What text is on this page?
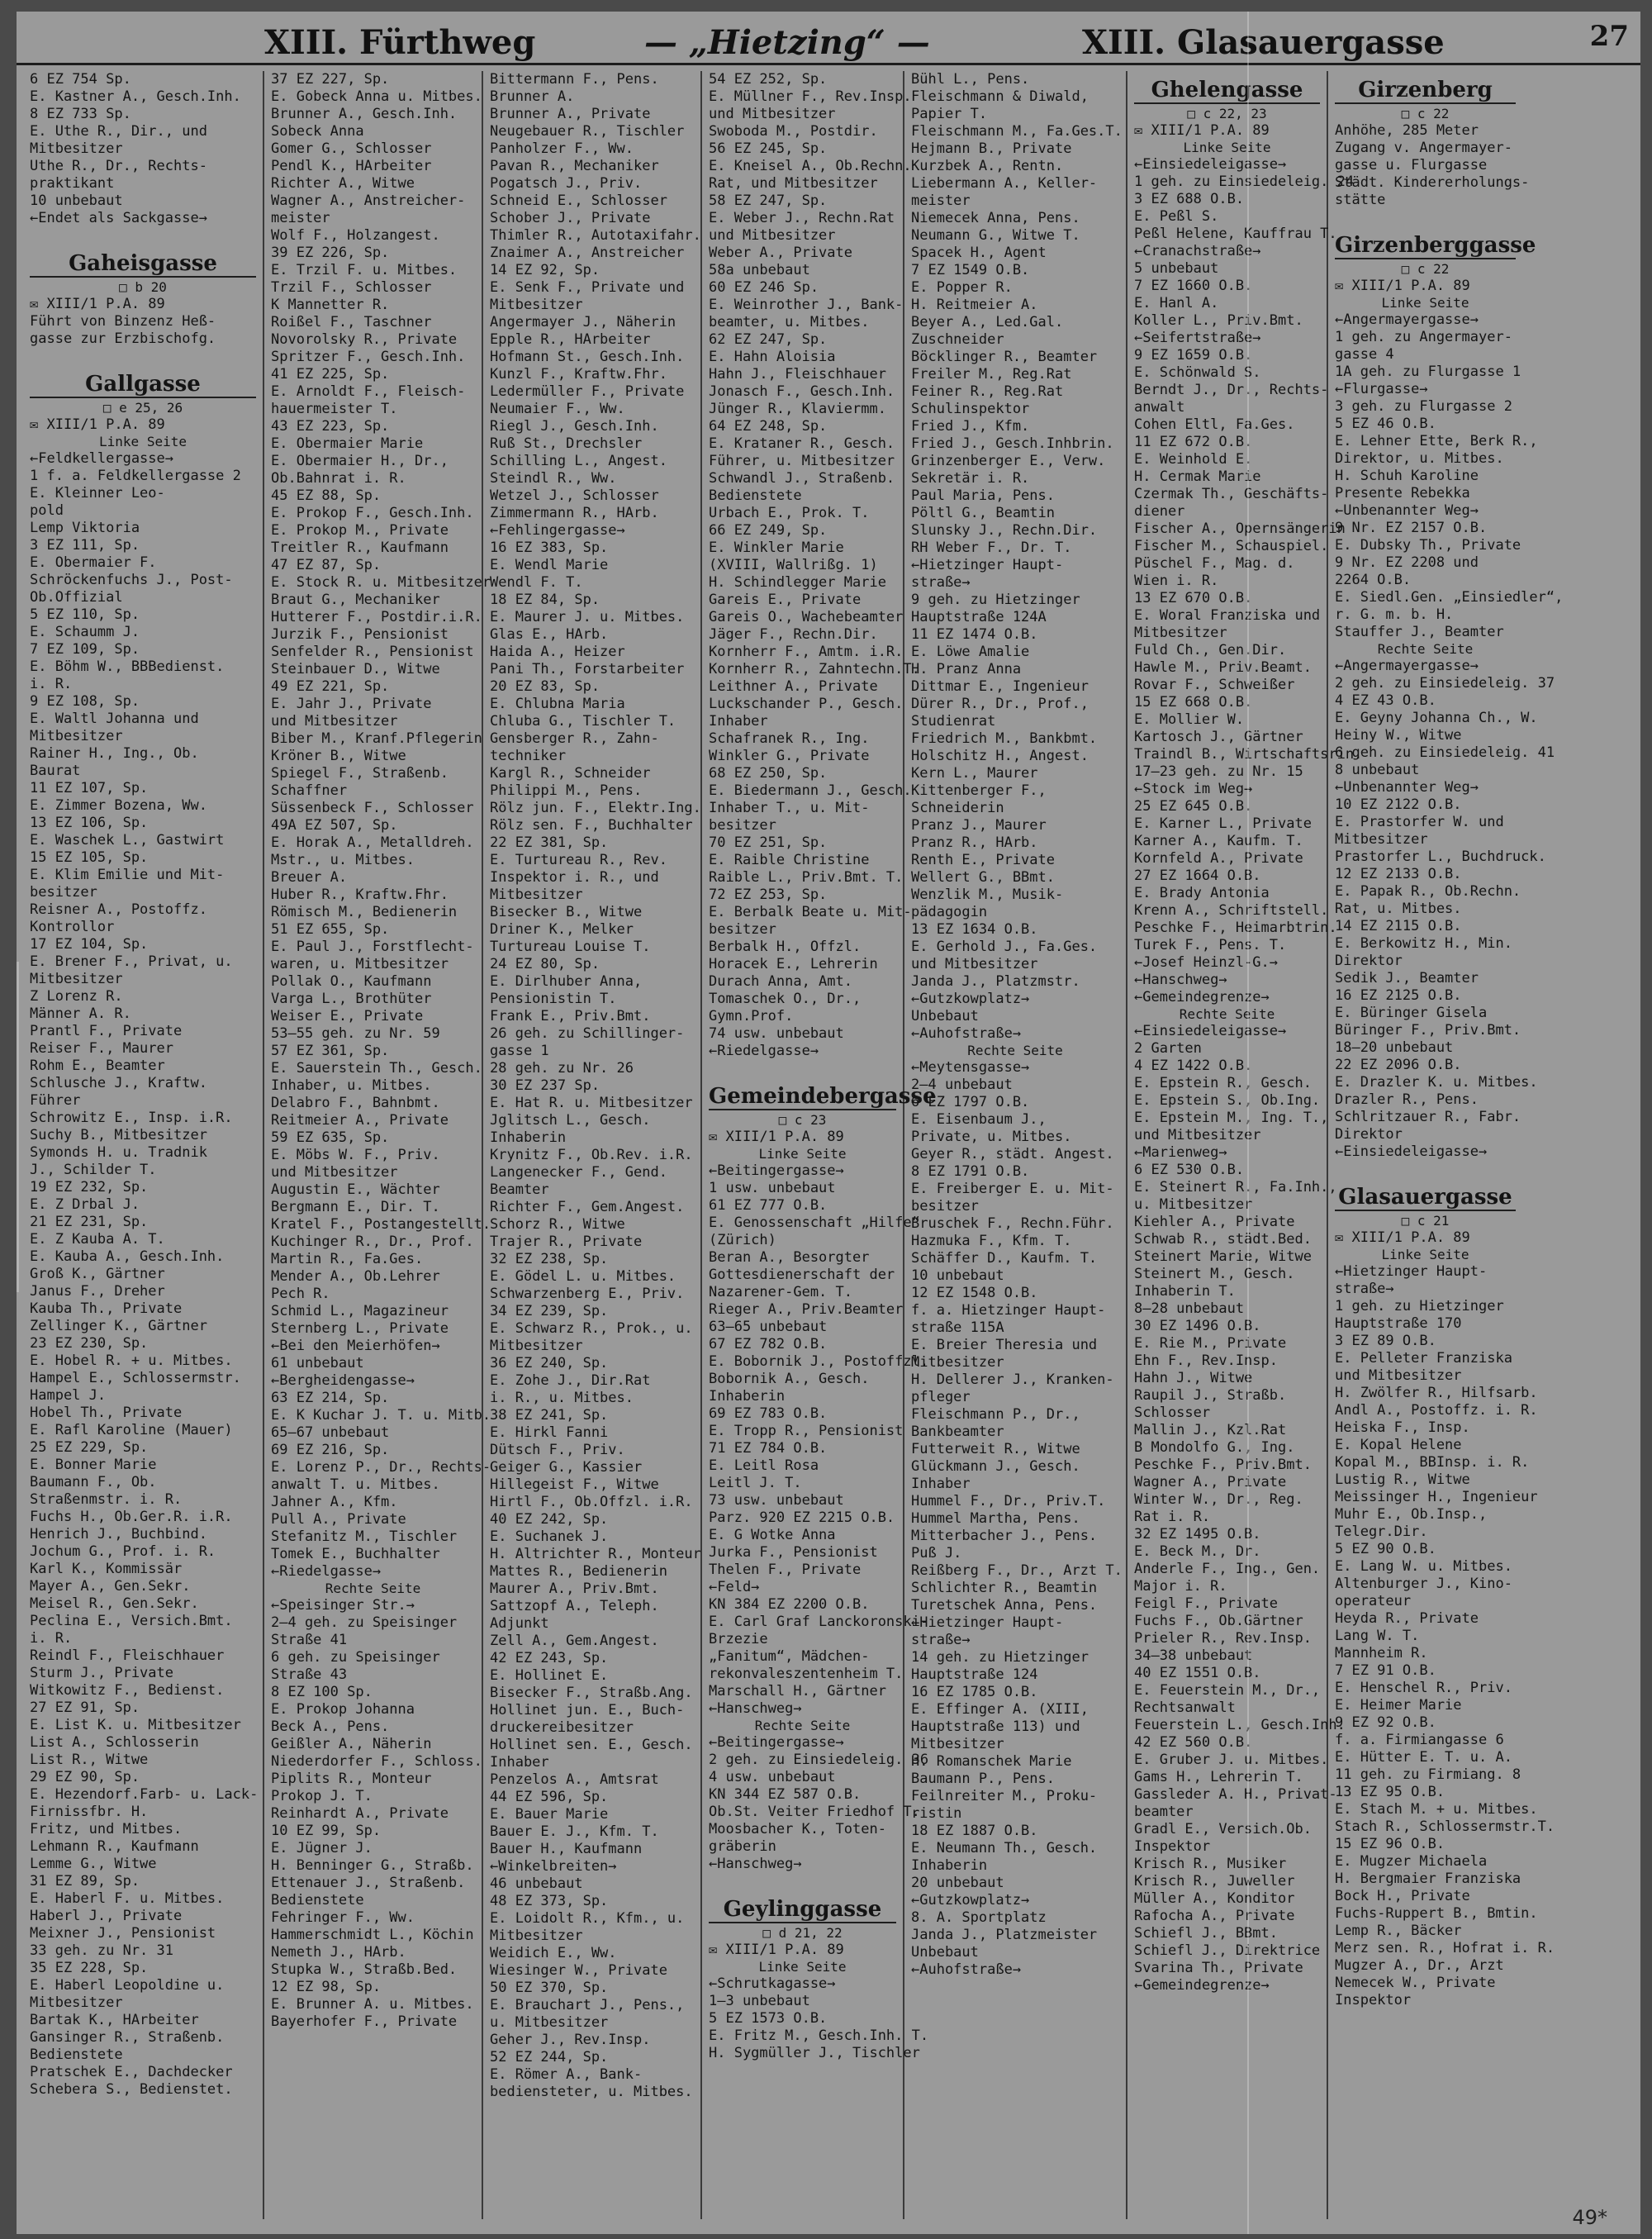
XIII. Fürthweg	— „Hietzing“ —	XIII. Glasauergasse	27
6 EZ 754 Sp.
E. Kastner A., Gesch.Inh.
8 EZ 733 Sp.
E. Uthe R., Dir., und
Mitbesitzer
Uthe R., Dr., Rechts-
praktikant
10 unbebaut
←Endet als Sackgasse→

Gaheisgasse
□ b 20
✉ XIII/1 P.A. 89
Führt von Binzenz Heß-
gasse zur Erzbischofg.

Gallgasse
□ e 25, 26
✉ XIII/1 P.A. 89
Linke Seite
←Feldkellergasse→
1 f. a. Feldkellergasse 2
E. Kleinner Leo-
pold
Lemp Viktoria
3 EZ 111, Sp.
E. Obermaier F.
Schröckenfuchs J., Post-
Ob.Offizial
5 EZ 110, Sp.
E. Schaumm J.
7 EZ 109, Sp.
E. Böhm W., BBBedienst.
i. R.
9 EZ 108, Sp.
E. Waltl Johanna und
Mitbesitzer
Rainer H., Ing., Ob.
Baurat
11 EZ 107, Sp.
E. Zimmer Bozena, Ww.
13 EZ 106, Sp.
E. Waschek L., Gastwirt
15 EZ 105, Sp.
E. Klim Emilie und Mit-
besitzer
Reisner A., Postoffz.
Kontrollor
17 EZ 104, Sp.
E. Brener F., Privat, u.
Mitbesitzer
Z Lorenz R.
Männer A. R.
Prantl F., Private
Reiser F., Maurer
Rohm E., Beamter
Schlusche J., Kraftw.
Führer
Schrowitz E., Insp. i.R.
Suchy B., Mitbesitzer
Symonds H. u. Tradnik
J., Schilder T.
19 EZ 232, Sp.
E. Z Drbal J.
21 EZ 231, Sp.
E. Z Kauba A. T.
E. Kauba A., Gesch.Inh.
Groß K., Gärtner
Janus F., Dreher
Kauba Th., Private
Zellinger K., Gärtner
23 EZ 230, Sp.
E. Hobel R. + u. Mitbes.
Hampel E., Schlossermstr.
Hampel J.
Hobel Th., Private
E. Rafl Karoline (Mauer)
25 EZ 229, Sp.
E. Bonner Marie
Baumann F., Ob.
Straßenmstr. i. R.
Fuchs H., Ob.Ger.R. i.R.
Henrich J., Buchbind.
Jochum G., Prof. i. R.
Karl K., Kommissär
Mayer A., Gen.Sekr.
Meisel R., Gen.Sekr.
Peclina E., Versich.Bmt.
i. R.
Reindl F., Fleischhauer
Sturm J., Private
Witkowitz F., Bedienst.
27 EZ 91, Sp.
E. List K. u. Mitbesitzer
List A., Schlosserin
List R., Witwe
29 EZ 90, Sp.
E. Hezendorf.Farb- u. Lack-
Firnissfbr. H.
Fritz, und Mitbes.
Lehmann R., Kaufmann
Lemme G., Witwe
31 EZ 89, Sp.
E. Haberl F. u. Mitbes.
Haberl J., Private
Meixner J., Pensionist
33 geh. zu Nr. 31
35 EZ 228, Sp.
E. Haberl Leopoldine u.
Mitbesitzer
Bartak K., HArbeiter
Gansinger R., Straßenb.
Bedienstete
Pratschek E., Dachdecker
Schebera S., Bedienstet.
37 EZ 227, Sp.
E. Gobeck Anna u. Mitbes.
Brunner A., Gesch.Inh.
Sobeck Anna
Gomer G., Schlosser
Pendl K., HArbeiter
Richter A., Witwe
Wagner A., Anstreicher-
meister
Wolf F., Holzangest.
39 EZ 226, Sp.
E. Trzil F. u. Mitbes.
Trzil F., Schlosser
K Mannetter R.
Roißel F., Taschner
Novorolsky R., Private
Spritzer F., Gesch.Inh.
41 EZ 225, Sp.
E. Arnoldt F., Fleisch-
hauermeister T.
43 EZ 223, Sp.
E. Obermaier Marie
E. Obermaier H., Dr.,
Ob.Bahnrat i. R.
45 EZ 88, Sp.
E. Prokop F., Gesch.Inh.
E. Prokop M., Private
Treitler R., Kaufmann
47 EZ 87, Sp.
E. Stock R. u. Mitbesitzer
Braut G., Mechaniker
Hutterer F., Postdir.i.R.
Jurzik F., Pensionist
Senfelder R., Pensionist
Steinbauer D., Witwe
49 EZ 221, Sp.
E. Jahr J., Private
und Mitbesitzer
Biber M., Kranf.Pflegerin
Kröner B., Witwe
Spiegel F., Straßenb.
Schaffner
Süssenbeck F., Schlosser
49A EZ 507, Sp.
E. Horak A., Metalldreh.
Mstr., u. Mitbes.
Breuer A.
Huber R., Kraftw.Fhr.
Römisch M., Bedienerin
51 EZ 655, Sp.
E. Paul J., Forstflecht-
waren, u. Mitbesitzer
Pollak O., Kaufmann
Varga L., Brothüter
Weiser E., Private
53—55 geh. zu Nr. 59
57 EZ 361, Sp.
E. Sauerstein Th., Gesch.
Inhaber, u. Mitbes.
Delabro F., Bahnbmt.
Reitmeier A., Private
59 EZ 635, Sp.
E. Möbs W. F., Priv.
und Mitbesitzer
Augustin E., Wächter
Bergmann E., Dir. T.
Kratel F., Postangestellt.
Kuchinger R., Dr., Prof.
Martin R., Fa.Ges.
Mender A., Ob.Lehrer
Pech R.
Schmid L., Magazineur
Sternberg L., Private
←Bei den Meierhöfen→
61 unbebaut
←Bergheidengasse→
63 EZ 214, Sp.
E. K Kuchar J. T. u. Mitb.
65—67 unbebaut
69 EZ 216, Sp.
E. Lorenz P., Dr., Rechts-
anwalt T. u. Mitbes.
Jahner A., Kfm.
Pull A., Private
Stefanitz M., Tischler
Tomek E., Buchhalter
←Riedelgasse→
Rechte Seite
←Speisinger Str.→
2—4 geh. zu Speisinger
Straße 41
6 geh. zu Speisinger
Straße 43
8 EZ 100 Sp.
E. Prokop Johanna
Beck A., Pens.
Geißler A., Näherin
Niederdorfer F., Schloss.
Piplits R., Monteur
Prokop J. T.
Reinhardt A., Private
10 EZ 99, Sp.
E. Jügner J.
H. Benninger G., Straßb.
Ettenauer J., Straßenb.
Bedienstete
Fehringer F., Ww.
Hammerschmidt L., Köchin
Nemeth J., HArb.
Stupka W., Straßb.Bed.
12 EZ 98, Sp.
E. Brunner A. u. Mitbes.
Bayerhofer F., Private
Bittermann F., Pens.
Brunner A.
Brunner A., Private
Neugebauer R., Tischler
Panholzer F., Ww.
Pavan R., Mechaniker
Pogatsch J., Priv.
Schneid E., Schlosser
Schober J., Private
Thimler R., Autotaxifahr.
Znaimer A., Anstreicher
14 EZ 92, Sp.
E. Senk F., Private und
Mitbesitzer
Angermayer J., Näherin
Epple R., HArbeiter
Hofmann St., Gesch.Inh.
Kunzl F., Kraftw.Fhr.
Ledermüller F., Private
Neumaier F., Ww.
Riegl J., Gesch.Inh.
Ruß St., Drechsler
Schilling L., Angest.
Steindl R., Ww.
Wetzel J., Schlosser
Zimmermann R., HArb.
←Fehlingergasse→
16 EZ 383, Sp.
E. Wendl Marie
Wendl F. T.
18 EZ 84, Sp.
E. Maurer J. u. Mitbes.
Glas E., HArb.
Haida A., Heizer
Pani Th., Forstarbeiter
20 EZ 83, Sp.
E. Chlubna Maria
Chluba G., Tischler T.
Gensberger R., Zahn-
techniker
Kargl R., Schneider
Philippi M., Pens.
Rölz jun. F., Elektr.Ing.
Rölz sen. F., Buchhalter
22 EZ 381, Sp.
E. Turtureau R., Rev.
Inspektor i. R., und
Mitbesitzer
Bisecker B., Witwe
Driner K., Melker
Turtureau Louise T.
24 EZ 80, Sp.
E. Dirlhuber Anna,
Pensionistin T.
Frank E., Priv.Bmt.
26 geh. zu Schillinger-
gasse 1
28 geh. zu Nr. 26
30 EZ 237 Sp.
E. Hat R. u. Mitbesitzer
Jglitsch L., Gesch.
Inhaberin
Krynitz F., Ob.Rev. i.R.
Langenecker F., Gend.
Beamter
Richter F., Gem.Angest.
Schorz R., Witwe
Trajer R., Private
32 EZ 238, Sp.
E. Gödel L. u. Mitbes.
Schwarzenberg E., Priv.
34 EZ 239, Sp.
E. Schwarz R., Prok., u.
Mitbesitzer
36 EZ 240, Sp.
E. Zohe J., Dir.Rat
i. R., u. Mitbes.
38 EZ 241, Sp.
E. Hirkl Fanni
Dütsch F., Priv.
Geiger G., Kassier
Hillegeist F., Witwe
Hirtl F., Ob.Offzl. i.R.
40 EZ 242, Sp.
E. Suchanek J.
H. Altrichter R., Monteur
Mattes R., Bedienerin
Maurer A., Priv.Bmt.
Sattzopf A., Teleph.
Adjunkt
Zell A., Gem.Angest.
42 EZ 243, Sp.
E. Hollinet E.
Bisecker F., Straßb.Ang.
Hollinet jun. E., Buch-
druckereibesitzer
Hollinet sen. E., Gesch.
Inhaber
Penzelos A., Amtsrat
44 EZ 596, Sp.
E. Bauer Marie
Bauer E. J., Kfm. T.
Bauer H., Kaufmann
←Winkelbreiten→
46 unbebaut
48 EZ 373, Sp.
E. Loidolt R., Kfm., u.
Mitbesitzer
Weidich E., Ww.
Wiesinger W., Private
50 EZ 370, Sp.
E. Brauchart J., Pens.,
u. Mitbesitzer
Geher J., Rev.Insp.
52 EZ 244, Sp.
E. Römer A., Bank-
bediensteter, u. Mitbes.
54 EZ 252, Sp.
E. Müllner F., Rev.Insp.
und Mitbesitzer
Swoboda M., Postdir.
56 EZ 245, Sp.
E. Kneisel A., Ob.Rechn.
Rat, und Mitbesitzer
58 EZ 247, Sp.
E. Weber J., Rechn.Rat
und Mitbesitzer
Weber A., Private
58a unbebaut
60 EZ 246 Sp.
E. Weinrother J., Bank-
beamter, u. Mitbes.
62 EZ 247, Sp.
E. Hahn Aloisia
Hahn J., Fleischhauer
Jonasch F., Gesch.Inh.
Jünger R., Klaviermm.
64 EZ 248, Sp.
E. Krataner R., Gesch.
Führer, u. Mitbesitzer
Schwandl J., Straßenb.
Bedienstete
Urbach E., Prok. T.
66 EZ 249, Sp.
E. Winkler Marie
(XVIII, Wallrißg. 1)
H. Schindlegger Marie
Gareis E., Private
Gareis O., Wachebeamter
Jäger F., Rechn.Dir.
Kornherr F., Amtm. i.R.
Kornherr R., Zahntechn.T.
Leithner A., Private
Luckschander P., Gesch.
Inhaber
Schafranek R., Ing.
Winkler G., Private
68 EZ 250, Sp.
E. Biedermann J., Gesch.
Inhaber T., u. Mit-
besitzer
70 EZ 251, Sp.
E. Raible Christine
Raible L., Priv.Bmt. T.
72 EZ 253, Sp.
E. Berbalk Beate u. Mit-
besitzer
Berbalk H., Offzl.
Horacek E., Lehrerin
Durach Anna, Amt.
Tomaschek O., Dr.,
Gymn.Prof.
74 usw. unbebaut
←Riedelgasse→

Gemeindebergasse
□ c 23
✉ XIII/1 P.A. 89
Linke Seite
←Beitingergasse→
1 usw. unbebaut
61 EZ 777 O.B.
E. Genossenschaft „Hilfe“
(Zürich)
Beran A., Besorgter
Gottesdienerschaft der
Nazarener-Gem. T.
Rieger A., Priv.Beamter
63—65 unbebaut
67 EZ 782 O.B.
E. Bobornik J., Postoffzl.
Bobornik A., Gesch.
Inhaberin
69 EZ 783 O.B.
E. Tropp R., Pensionist
71 EZ 784 O.B.
E. Leitl Rosa
Leitl J. T.
73 usw. unbebaut
Parz. 920 EZ 2215 O.B.
E. G Wotke Anna
Jurka F., Pensionist
Thelen F., Private
←Feld→
KN 384 EZ 2200 O.B.
E. Carl Graf Lanckoronski-
Brzezie
„Fanitum“, Mädchen-
rekonvaleszentenheim T.
Marschall H., Gärtner
←Hanschweg→
Rechte Seite
←Beitingergasse→
2 geh. zu Einsiedeleig. 36
4 usw. unbebaut
KN 344 EZ 587 O.B.
Ob.St. Veiter Friedhof T.
Moosbacher K., Toten-
gräberin
←Hanschweg→

Geylinggasse
□ d 21, 22
✉ XIII/1 P.A. 89
Linke Seite
←Schrutkagasse→
1—3 unbebaut
5 EZ 1573 O.B.
E. Fritz M., Gesch.Inh. T.
H. Sygmüller J., Tischler
Bühl L., Pens.
Fleischmann & Diwald,
Papier T.
Fleischmann M., Fa.Ges.T.
Hejmann B., Private
Kurzbek A., Rentn.
Liebermann A., Keller-
meister
Niemecek Anna, Pens.
Neumann G., Witwe T.
Spacek H., Agent
7 EZ 1549 O.B.
E. Popper R.
H. Reitmeier A.
Beyer A., Led.Gal.
Zuschneider
Böcklinger R., Beamter
Freiler M., Reg.Rat
Feiner R., Reg.Rat
Schulinspektor
Fried J., Kfm.
Fried J., Gesch.Inhbrin.
Grinzenberger E., Verw.
Sekretär i. R.
Paul Maria, Pens.
Pöltl G., Beamtin
Slunsky J., Rechn.Dir.
RH Weber F., Dr. T.
←Hietzinger Haupt-
straße→
9 geh. zu Hietzinger
Hauptstraße 124A
11 EZ 1474 O.B.
E. Löwe Amalie
H. Pranz Anna
Dittmar E., Ingenieur
Dürer R., Dr., Prof.,
Studienrat
Friedrich M., Bankbmt.
Holschitz H., Angest.
Kern L., Maurer
Kittenberger F.,
Schneiderin
Pranz J., Maurer
Pranz R., HArb.
Renth E., Private
Wellert G., BBmt.
Wenzlik M., Musik-
pädagogin
13 EZ 1634 O.B.
E. Gerhold J., Fa.Ges.
und Mitbesitzer
Janda J., Platzmstr.
←Gutzkowplatz→
Unbebaut
←Auhofstraße→
Rechte Seite
←Meytensgasse→
2—4 unbebaut
6 EZ 1797 O.B.
E. Eisenbaum J.,
Private, u. Mitbes.
Geyer R., städt. Angest.
8 EZ 1791 O.B.
E. Freiberger E. u. Mit-
besitzer
Bruschek F., Rechn.Führ.
Hazmuka F., Kfm. T.
Schäffer D., Kaufm. T.
10 unbebaut
12 EZ 1548 O.B.
f. a. Hietzinger Haupt-
straße 115A
E. Breier Theresia und
Mitbesitzer
H. Dellerer J., Kranken-
pfleger
Fleischmann P., Dr.,
Bankbeamter
Futterweit R., Witwe
Glückmann J., Gesch.
Inhaber
Hummel F., Dr., Priv.T.
Hummel Martha, Pens.
Mitterbacher J., Pens.
Puß J.
Reißberg F., Dr., Arzt T.
Schlichter R., Beamtin
Turetschek Anna, Pens.
←Hietzinger Haupt-
straße→
14 geh. zu Hietzinger
Hauptstraße 124
16 EZ 1785 O.B.
E. Effinger A. (XIII,
Hauptstraße 113) und
Mitbesitzer
H. Romanschek Marie
Baumann P., Pens.
Feilnreiter M., Proku-
ristin
18 EZ 1887 O.B.
E. Neumann Th., Gesch.
Inhaberin
20 unbebaut
←Gutzkowplatz→
8. A. Sportplatz
Janda J., Platzmeister
Unbebaut
←Auhofstraße→
Ghelengasse
□ c 22, 23
✉ XIII/1 P.A. 89
Linke Seite
←Einsiedeleigasse→
1 geh. zu Einsiedeleig. 24
3 EZ 688 O.B.
E. Peßl S.
Peßl Helene, Kauffrau T.
←Cranachstraße→
5 unbebaut
7 EZ 1660 O.B.
E. Hanl A.
Koller L., Priv.Bmt.
←Seifertstraße→
9 EZ 1659 O.B.
E. Schönwald S.
Berndt J., Dr., Rechts-
anwalt
Cohen Eltl, Fa.Ges.
11 EZ 672 O.B.
E. Weinhold E.
H. Cermak Marie
Czermak Th., Geschäfts-
diener
Fischer A., Opernsängerin
Fischer M., Schauspiel.
Püschel F., Mag. d.
Wien i. R.
13 EZ 670 O.B.
E. Woral Franziska und
Mitbesitzer
Fuld Ch., Gen.Dir.
Hawle M., Priv.Beamt.
Rovar F., Schweißer
15 EZ 668 O.B.
E. Mollier W.
Kartosch J., Gärtner
Traindl B., Wirtschaftsrin.
17—23 geh. zu Nr. 15
←Stock im Weg→
25 EZ 645 O.B.
E. Karner L., Private
Karner A., Kaufm. T.
Kornfeld A., Private
27 EZ 1664 O.B.
E. Brady Antonia
Krenn A., Schriftstell.
Peschke F., Heimarbtrin.
Turek F., Pens. T.
←Josef Heinzl-G.→
←Hanschweg→
←Gemeindegrenze→
Rechte Seite
←Einsiedeleigasse→
2 Garten
4 EZ 1422 O.B.
E. Epstein R., Gesch.
E. Epstein S., Ob.Ing.
E. Epstein M., Ing. T.,
und Mitbesitzer
←Marienweg→
6 EZ 530 O.B.
E. Steinert R., Fa.Inh.,
u. Mitbesitzer
Kiehler A., Private
Schwab R., städt.Bed.
Steinert Marie, Witwe
Steinert M., Gesch.
Inhaberin T.
8—28 unbebaut
30 EZ 1496 O.B.
E. Rie M., Private
Ehn F., Rev.Insp.
Hahn J., Witwe
Raupil J., Straßb.
Schlosser
Mallin J., Kzl.Rat
B Mondolfo G., Ing.
Peschke F., Priv.Bmt.
Wagner A., Private
Winter W., Dr., Reg.
Rat i. R.
32 EZ 1495 O.B.
E. Beck M., Dr.
Anderle F., Ing., Gen.
Major i. R.
Feigl F., Private
Fuchs F., Ob.Gärtner
Prieler R., Rev.Insp.
34—38 unbebaut
40 EZ 1551 O.B.
E. Feuerstein M., Dr.,
Rechtsanwalt
Feuerstein L., Gesch.Inh.
42 EZ 560 O.B.
E. Gruber J. u. Mitbes.
Gams H., Lehrerin T.
Gassleder A. H., Privat-
beamter
Gradl E., Versich.Ob.
Inspektor
Krisch R., Musiker
Krisch R., Juweller
Müller A., Konditor
Rafocha A., Private
Schiefl J., BBmt.
Schiefl J., Direktrice
Svarina Th., Private
←Gemeindegrenze→
Girzenberg
□ c 22
Anhöhe, 285 Meter
Zugang v. Angermayer-
gasse u. Flurgasse
Städt. Kindererholungs-
stätte

Girzenberggasse
□ c 22
✉ XIII/1 P.A. 89
Linke Seite
←Angermayergasse→
1 geh. zu Angermayer-
gasse 4
1A geh. zu Flurgasse 1
←Flurgasse→
3 geh. zu Flurgasse 2
5 EZ 46 O.B.
E. Lehner Ette, Berk R.,
Direktor, u. Mitbes.
H. Schuh Karoline
Presente Rebekka
←Unbenannter Weg→
9 Nr. EZ 2157 O.B.
E. Dubsky Th., Private
9 Nr. EZ 2208 und
2264 O.B.
E. Siedl.Gen. „Einsiedler“,
r. G. m. b. H.
Stauffer J., Beamter
Rechte Seite
←Angermayergasse→
2 geh. zu Einsiedeleig. 37
4 EZ 43 O.B.
E. Geyny Johanna Ch., W.
Heiny W., Witwe
6 geh. zu Einsiedeleig. 41
8 unbebaut
←Unbenannter Weg→
10 EZ 2122 O.B.
E. Prastorfer W. und
Mitbesitzer
Prastorfer L., Buchdruck.
12 EZ 2133 O.B.
E. Papak R., Ob.Rechn.
Rat, u. Mitbes.
14 EZ 2115 O.B.
E. Berkowitz H., Min.
Direktor
Sedik J., Beamter
16 EZ 2125 O.B.
E. Büringer Gisela
Büringer F., Priv.Bmt.
18—20 unbebaut
22 EZ 2096 O.B.
E. Drazler K. u. Mitbes.
Drazler R., Pens.
Schlritzauer R., Fabr.
Direktor
←Einsiedeleigasse→

Glasauergasse
□ c 21
✉ XIII/1 P.A. 89
Linke Seite
←Hietzinger Haupt-
straße→
1 geh. zu Hietzinger
Hauptstraße 170
3 EZ 89 O.B.
E. Pelleter Franziska
und Mitbesitzer
H. Zwölfer R., Hilfsarb.
Andl A., Postoffz. i. R.
Heiska F., Insp.
E. Kopal Helene
Kopal M., BBInsp. i. R.
Lustig R., Witwe
Meissinger H., Ingenieur
Muhr E., Ob.Insp.,
Telegr.Dir.
5 EZ 90 O.B.
E. Lang W. u. Mitbes.
Altenburger J., Kino-
operateur
Heyda R., Private
Lang W. T.
Mannheim R.
7 EZ 91 O.B.
E. Henschel R., Priv.
E. Heimer Marie
9 EZ 92 O.B.
f. a. Firmiangasse 6
E. Hütter E. T. u. A.
11 geh. zu Firmiang. 8
13 EZ 95 O.B.
E. Stach M. + u. Mitbes.
Stach R., Schlossermstr.T.
15 EZ 96 O.B.
E. Mugzer Michaela
H. Bergmaier Franziska
Bock H., Private
Fuchs-Ruppert B., Bmtin.
Lemp R., Bäcker
Merz sen. R., Hofrat i. R.
Mugzer A., Dr., Arzt
Nemecek W., Private
Inspektor
49*
